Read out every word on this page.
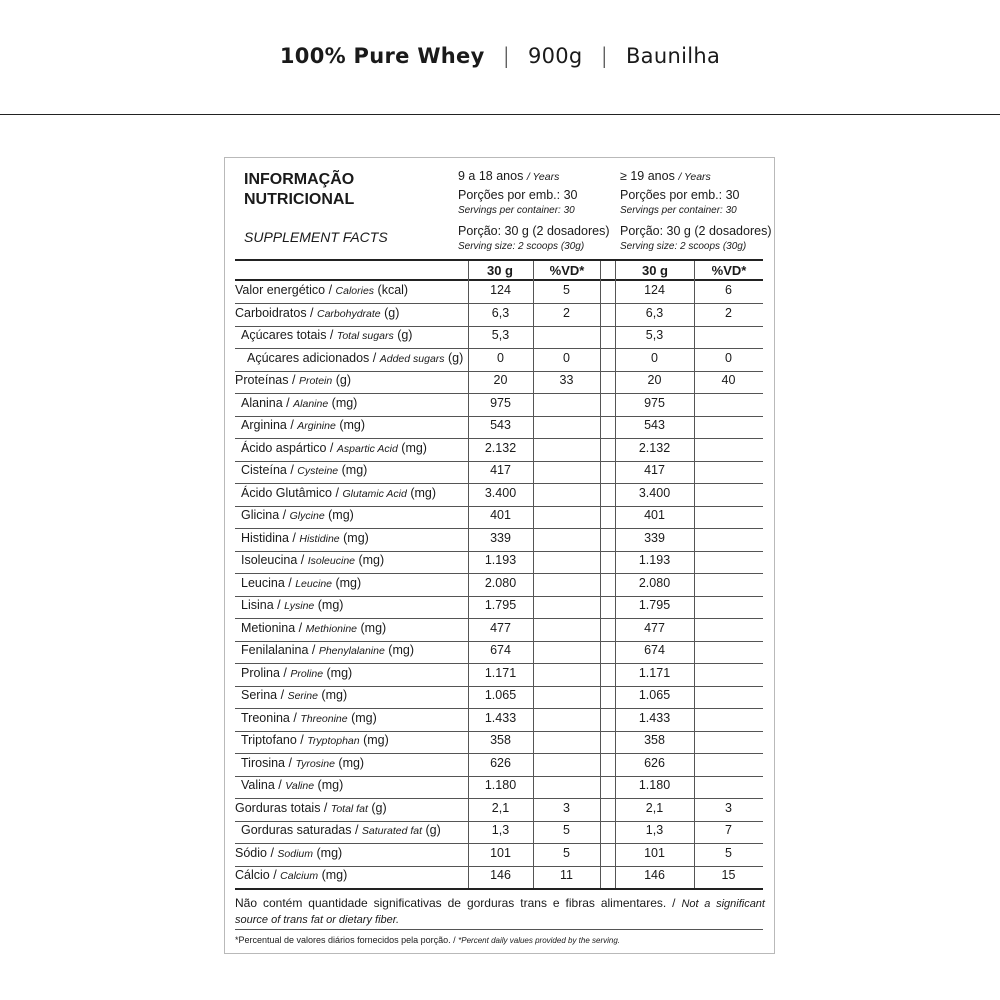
100% Pure Whey | 900g | Baunilha
INFORMAÇÃO
NUTRICIONAL
SUPPLEMENT FACTS
9 a 18 anos / Years
Porções por emb.: 30
Servings per container: 30
Porção: 30 g (2 dosadores)
Serving size: 2 scoops (30g)
≥ 19 anos / Years
Porções por emb.: 30
Servings per container: 30
Porção: 30 g (2 dosadores)
Serving size: 2 scoops (30g)
30 g	%VD*	30 g	%VD*
Valor energético / Calories (kcal)	124	5	124	6
Carboidratos / Carbohydrate (g)	6,3	2	6,3	2
Açúcares totais / Total sugars (g)	5,3	5,3
Açúcares adicionados / Added sugars (g)	0	0	0	0
Proteínas / Protein (g)	20	33	20	40
Alanina / Alanine (mg)	975	975
Arginina / Arginine (mg)	543	543
Ácido aspártico / Aspartic Acid (mg)	2.132	2.132
Cisteína / Cysteine (mg)	417	417
Ácido Glutâmico / Glutamic Acid (mg)	3.400	3.400
Glicina / Glycine (mg)	401	401
Histidina / Histidine (mg)	339	339
Isoleucina / Isoleucine (mg)	1.193	1.193
Leucina / Leucine (mg)	2.080	2.080
Lisina / Lysine (mg)	1.795	1.795
Metionina / Methionine (mg)	477	477
Fenilalanina / Phenylalanine (mg)	674	674
Prolina / Proline (mg)	1.171	1.171
Serina / Serine (mg)	1.065	1.065
Treonina / Threonine (mg)	1.433	1.433
Triptofano / Tryptophan (mg)	358	358
Tirosina / Tyrosine (mg)	626	626
Valina / Valine (mg)	1.180	1.180
Gorduras totais / Total fat (g)	2,1	3	2,1	3
Gorduras saturadas / Saturated fat (g)	1,3	5	1,3	7
Sódio / Sodium (mg)	101	5	101	5
Cálcio / Calcium (mg)	146	11	146	15
Não contém quantidade significativas de gorduras trans e fibras alimentares. / Not a significant source of trans fat or dietary fiber.
*Percentual de valores diários fornecidos pela porção. / *Percent daily values provided by the serving.
